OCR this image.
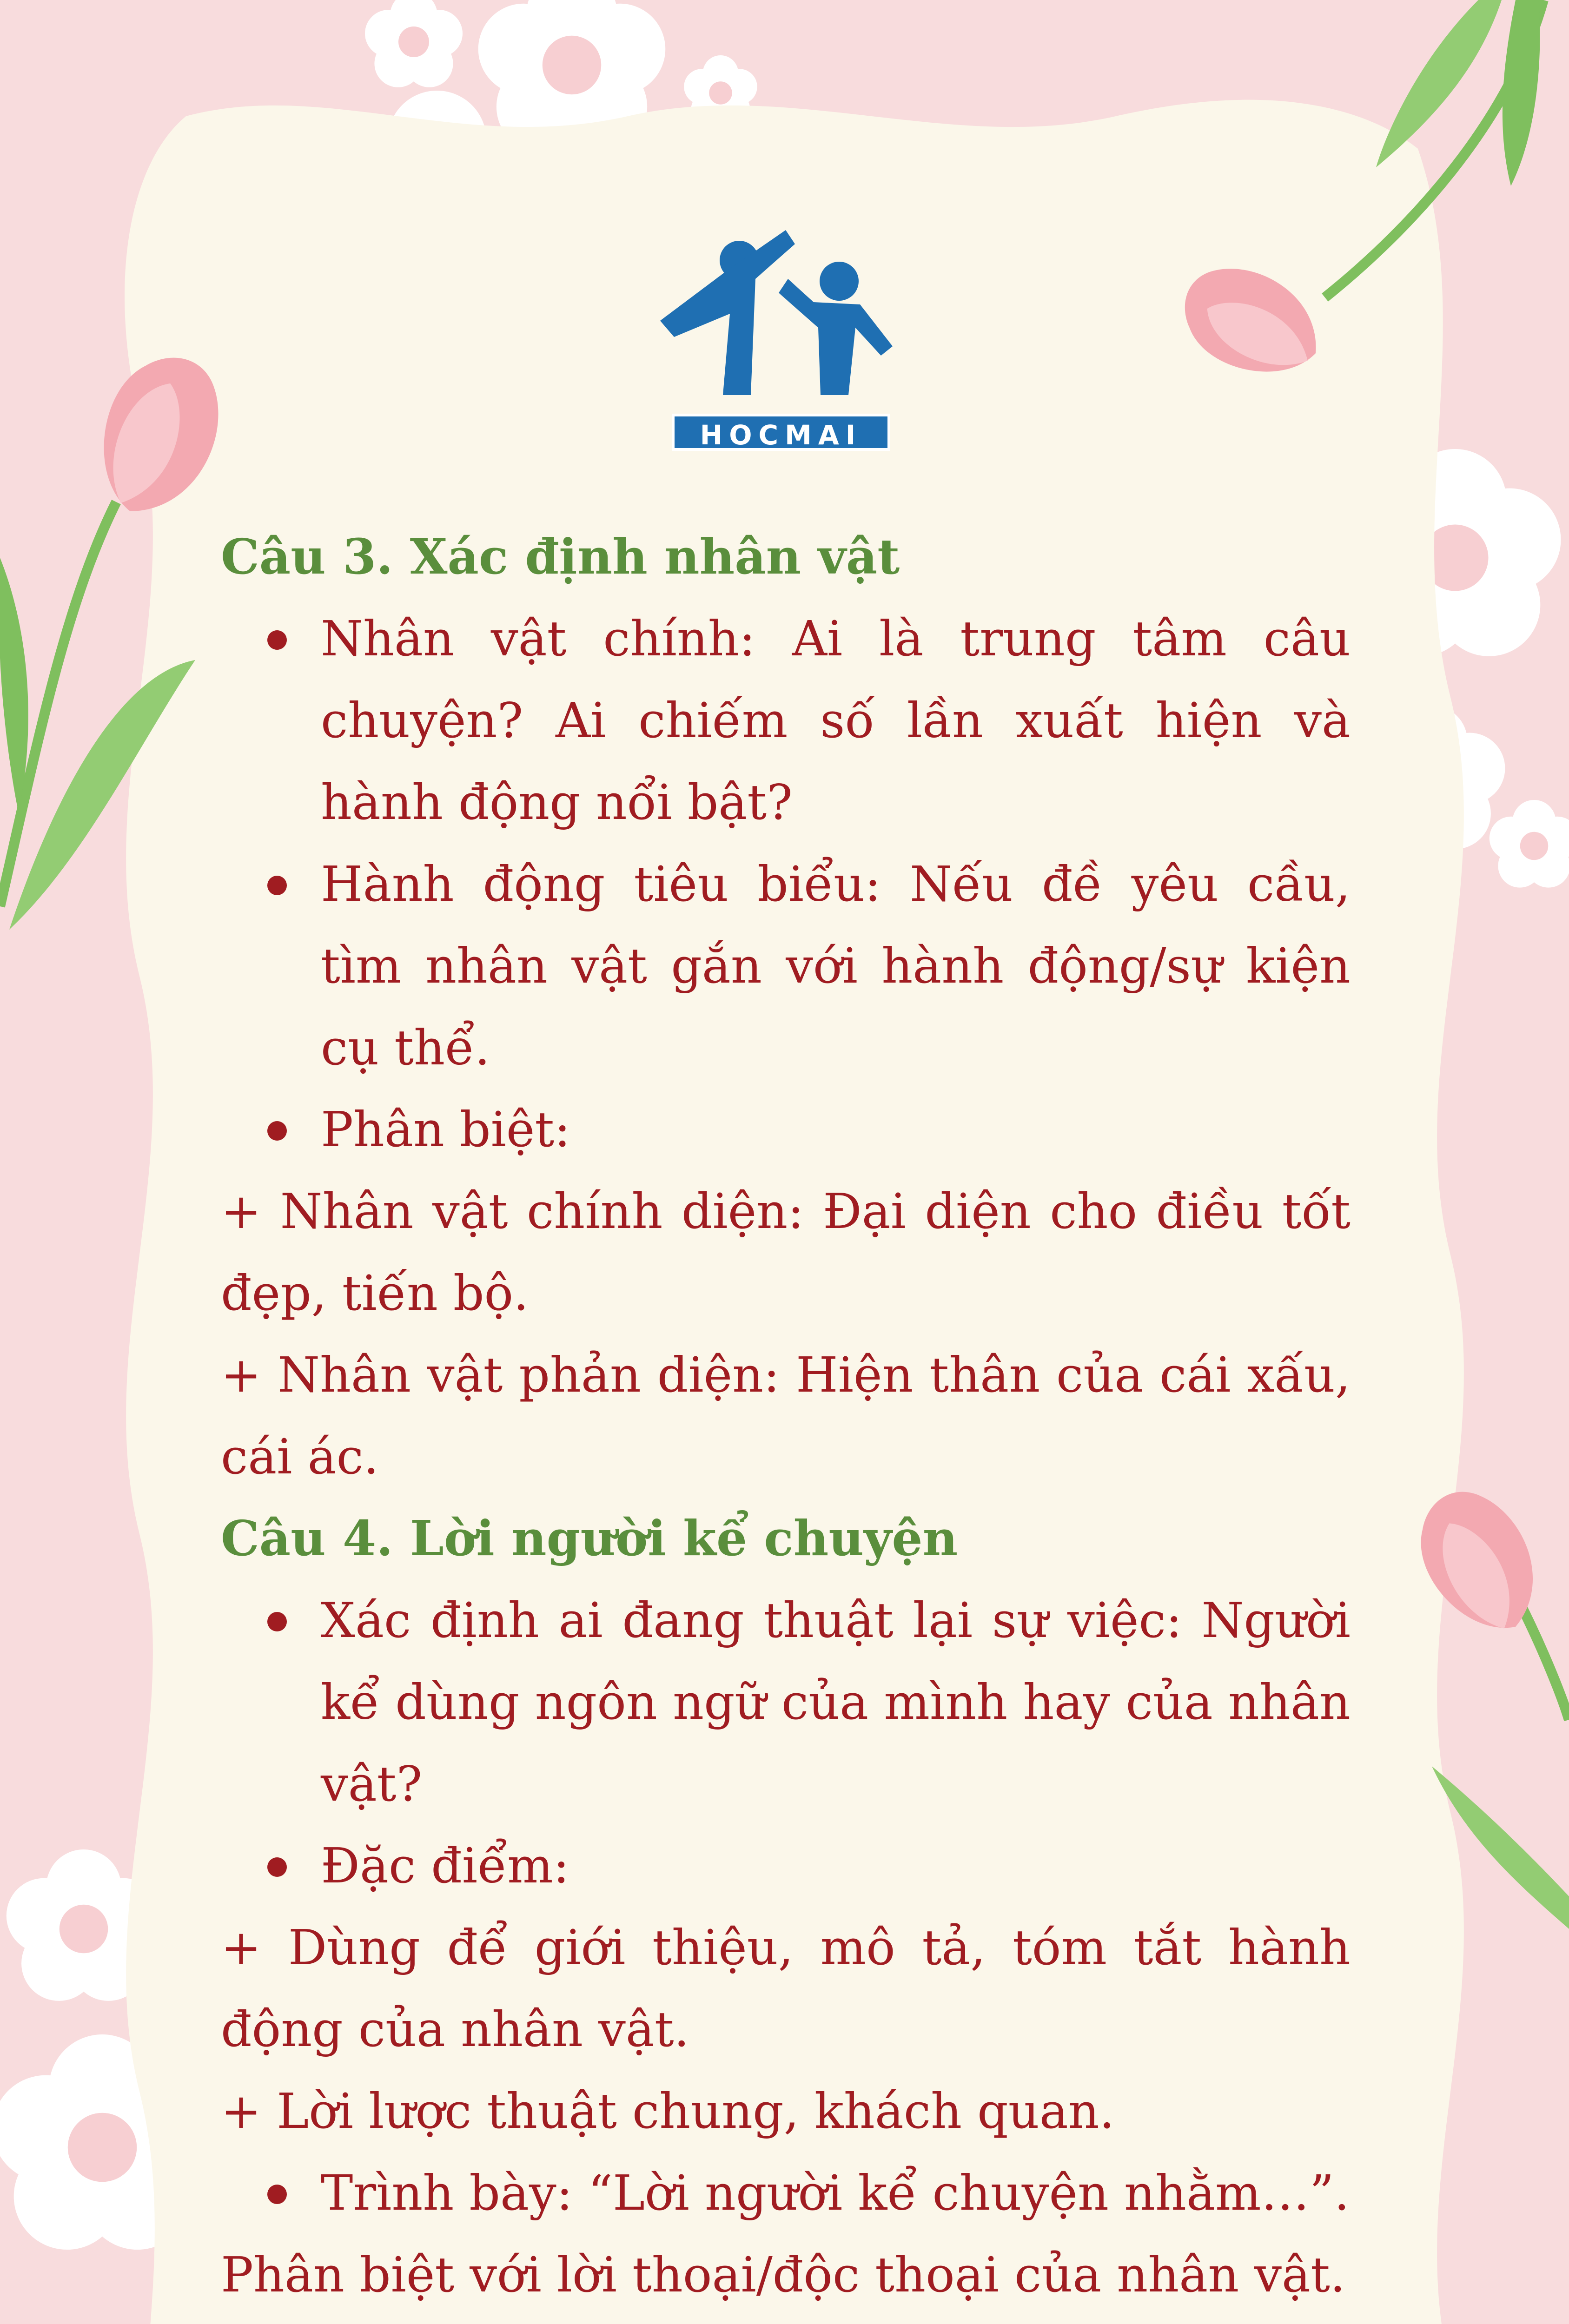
HOCMAI

Câu 3. Xác định nhân vật

Nhân vật chính: Ai là trung tâm câu chuyện? Ai chiếm số lần xuất hiện và hành động nổi bật?

Hành động tiêu biểu: Nếu đề yêu cầu, tìm nhân vật gắn với hành động/sự kiện cụ thể.

Phân biệt:

+ Nhân vật chính diện: Đại diện cho điều tốt đẹp, tiến bộ.

+ Nhân vật phản diện: Hiện thân của cái xấu, cái ác.

Câu 4. Lời người kể chuyện

Xác định ai đang thuật lại sự việc: Người kể dùng ngôn ngữ của mình hay của nhân vật?

Đặc điểm:

+ Dùng để giới thiệu, mô tả, tóm tắt hành động của nhân vật.

+ Lời lược thuật chung, khách quan.

Trình bày: “Lời người kể chuyện nhằm…”.

Phân biệt với lời thoại/độc thoại của nhân vật.
